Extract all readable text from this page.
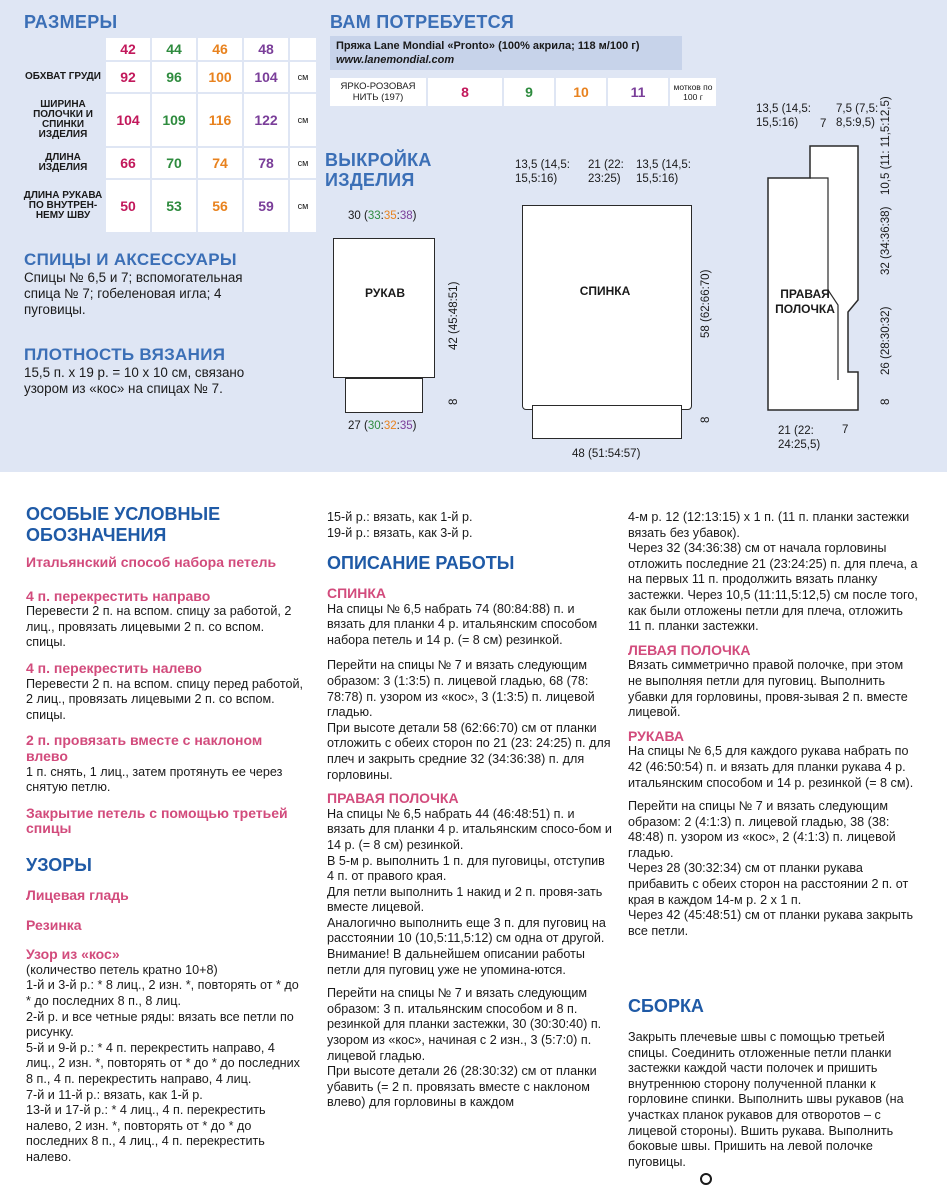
РАЗМЕРЫ
	42	44	46	48	
ОБХВАТ ГРУДИ	92	96	100	104	см
ШИРИНА ПОЛОЧКИ И СПИНКИ ИЗДЕЛИЯ	104	109	116	122	см
ДЛИНА ИЗДЕЛИЯ	66	70	74	78	см
ДЛИНА РУКАВА ПО ВНУТРЕН-НЕМУ ШВУ	50	53	56	59	см
ВАМ ПОТРЕБУЕТСЯ
Пряжа Lane Mondial «Pronto» (100% акрила; 118 м/100 г)
www.lanemondial.com
ЯРКО-РОЗОВАЯ НИТЬ (197)	8	9	10	11	мотков по 100 г
СПИЦЫ И АКСЕССУАРЫ
Спицы № 6,5 и 7; вспомогательная спица № 7; гобеленовая игла; 4 пуговицы.
ПЛОТНОСТЬ ВЯЗАНИЯ
15,5 п. х 19 р. = 10 х 10 см, связано узором из «кос» на спицах № 7.
ВЫКРОЙКА ИЗДЕЛИЯ
РУКАВ
30 (33:35:38)
27 (30:32:35)
42 (45:48:51)
8
СПИНКА
13,5 (14,5: 15,5:16)
21 (22: 23:25)
13,5 (14,5: 15,5:16)
48 (51:54:57)
58 (62:66:70)
8
ПРАВАЯ ПОЛОЧКА
13,5 (14,5: 15,5:16)	7
7,5 (7,5: 8,5:9,5) 10,5 (11: 11,5:12,5)
32 (34:36:38)
26 (28:30:32)
8
21 (22: 24:25,5)
7
ОСОБЫЕ УСЛОВНЫЕ ОБОЗНАЧЕНИЯ

Итальянский способ набора петель

4 п. перекрестить направо

Перевести 2 п. на вспом. спицу за работой, 2 лиц., провязать лицевыми 2 п. со вспом. спицы.

4 п. перекрестить налево

Перевести 2 п. на вспом. спицу перед работой, 2 лиц., провязать лицевыми 2 п. со вспом. спицы.

2 п. провязать вместе с наклоном влево

1 п. снять, 1 лиц., затем протянуть ее через снятую петлю.

Закрытие петель с помощью третьей спицы

УЗОРЫ

Лицевая гладь

Резинка

Узор из «кос»

(количество петель кратно 10+8)

1-й и 3-й р.: * 8 лиц., 2 изн. *, повторять от * до * до последних 8 п., 8 лиц.

2-й р. и все четные ряды: вязать все петли по рисунку.

5-й и 9-й р.: * 4 п. перекрестить направо, 4 лиц., 2 изн. *, повторять от * до * до последних 8 п., 4 п. перекрестить направо, 4 лиц.

7-й и 11-й р.: вязать, как 1-й р.

13-й и 17-й р.: * 4 лиц., 4 п. перекрестить налево, 2 изн. *, повторять от * до * до последних 8 п., 4 лиц., 4 п. перекрестить налево.

15-й р.: вязать, как 1-й р.

19-й р.: вязать, как 3-й р.

ОПИСАНИЕ РАБОТЫ

СПИНКА

На спицы № 6,5 набрать 74 (80:84:88) п. и вязать для планки 4 р. итальянским способом набора петель и 14 р. (= 8 см) резинкой.

Перейти на спицы № 7 и вязать следующим образом: 3 (1:3:5) п. лицевой гладью, 68 (78: 78:78) п. узором из «кос», 3 (1:3:5) п. лицевой гладью.

При высоте детали 58 (62:66:70) см от планки отложить с обеих сторон по 21 (23: 24:25) п. для плеч и закрыть средние 32 (34:36:38) п. для горловины.

ПРАВАЯ ПОЛОЧКА

На спицы № 6,5 набрать 44 (46:48:51) п. и вязать для планки 4 р. итальянским спосо-бом и 14 р. (= 8 см) резинкой.

В 5-м р. выполнить 1 п. для пуговицы, отступив 4 п. от правого края.

Для петли выполнить 1 накид и 2 п. провя-зать вместе лицевой.

Аналогично выполнить еще 3 п. для пуговиц на расстоянии 10 (10,5:11,5:12) см одна от другой.

Внимание! В дальнейшем описании работы петли для пуговиц уже не упомина-ются.

Перейти на спицы № 7 и вязать следующим образом: 3 п. итальянским способом и 8 п. резинкой для планки застежки, 30 (30:30:40) п. узором из «кос», начиная с 2 изн., 3 (5:7:0) п. лицевой гладью.

При высоте детали 26 (28:30:32) см от планки убавить (= 2 п. провязать вместе с наклоном влево) для горловины в каждом

4-м р. 12 (12:13:15) х 1 п. (11 п. планки застежки вязать без убавок).

Через 32 (34:36:38) см от начала горловины отложить последние 21 (23:24:25) п. для плеча, а на первых 11 п. продолжить вязать планку застежки. Через 10,5 (11:11,5:12,5) см после того, как были отложены петли для плеча, отложить 11 п. планки застежки.

ЛЕВАЯ ПОЛОЧКА

Вязать симметрично правой полочке, при этом не выполняя петли для пуговиц. Выполнить убавки для горловины, провя-зывая 2 п. вместе лицевой.

РУКАВА

На спицы № 6,5 для каждого рукава набрать по 42 (46:50:54) п. и вязать для планки рукава 4 р. итальянским способом и 14 р. резинкой (= 8 см).

Перейти на спицы № 7 и вязать следующим образом: 2 (4:1:3) п. лицевой гладью, 38 (38: 48:48) п. узором из «кос», 2 (4:1:3) п. лицевой гладью.

Через 28 (30:32:34) см от планки рукава прибавить с обеих сторон на расстоянии 2 п. от края в каждом 14-м р. 2 х 1 п.

Через 42 (45:48:51) см от планки рукава закрыть все петли.

СБОРКА
Закрыть плечевые швы с помощью третьей спицы. Соединить отложенные петли планки застежки каждой части полочек и пришить внутреннюю сторону полученной планки к горловине спинки. Выполнить швы рукавов (на участках планок рукавов для отворотов – с лицевой стороны). Вшить рукава. Выполнить боковые швы. Пришить на левой полочке пуговицы.
